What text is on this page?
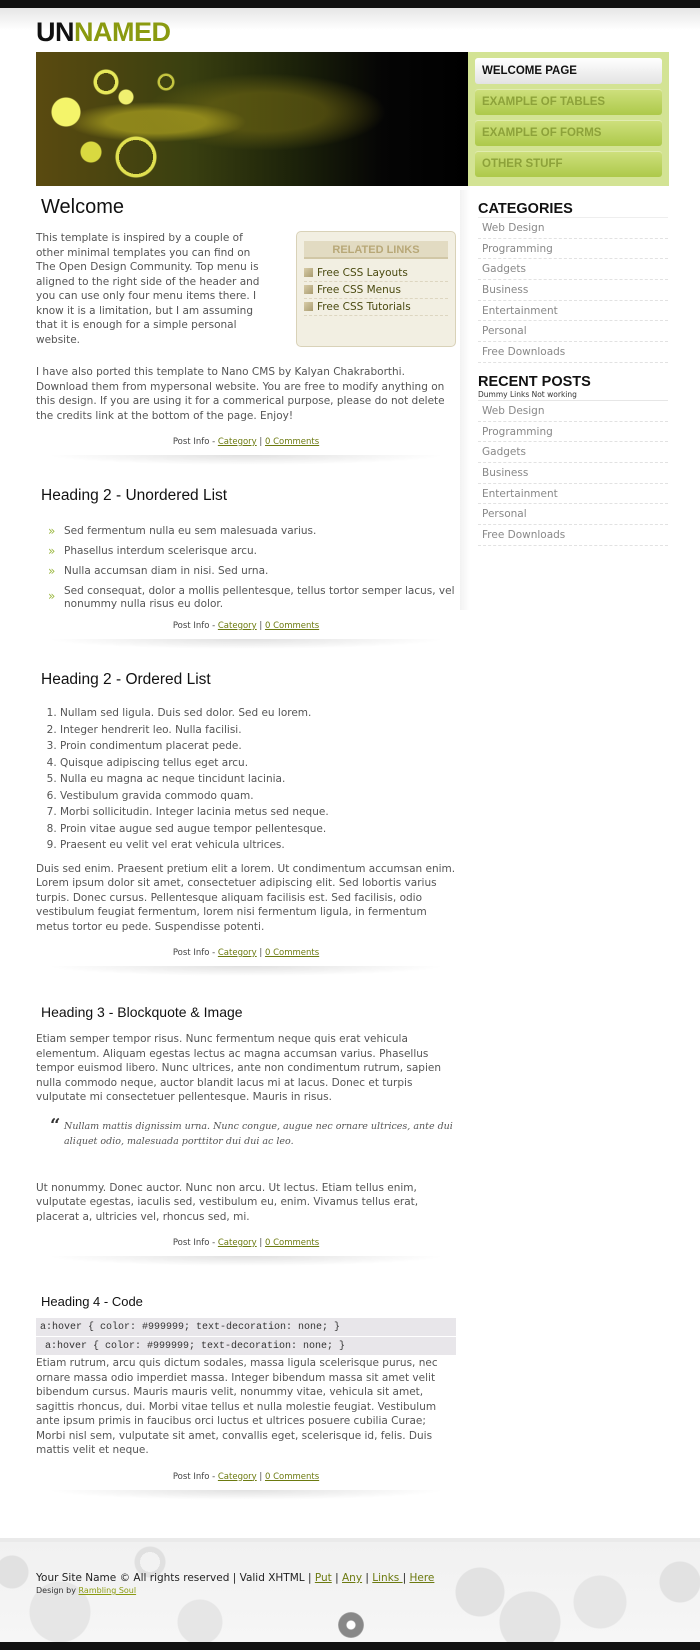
UNNAMED
WELCOME PAGE
EXAMPLE OF TABLES
EXAMPLE OF FORMS
OTHER STUFF
Welcome
RELATED LINKS
Free CSS Layouts
Free CSS Menus
Free CSS Tutorials

This template is inspired by a couple of other minimal templates you can find on The Open Design Community. Top menu is aligned to the right side of the header and you can use only four menu items there. I know it is a limitation, but I am assuming that it is enough for a simple personal website.

I have also ported this template to Nano CMS by Kalyan Chakraborthi. Download them from mypersonal website. You are free to modify anything on this design. If you are using it for a commerical purpose, please do not delete the credits link at the bottom of the page. Enjoy!

Post Info - Category | 0 Comments
Heading 2 - Unordered List
» Sed fermentum nulla eu sem malesuada varius.
» Phasellus interdum scelerisque arcu.
» Nulla accumsan diam in nisi. Sed urna.
» Sed consequat, dolor a mollis pellentesque, tellus tortor semper lacus, vel nonummy nulla risus eu dolor.
Post Info - Category | 0 Comments
Heading 2 - Ordered List
1. Nullam sed ligula. Duis sed dolor. Sed eu lorem.
2. Integer hendrerit leo. Nulla facilisi.
3. Proin condimentum placerat pede.
4. Quisque adipiscing tellus eget arcu.
5. Nulla eu magna ac neque tincidunt lacinia.
6. Vestibulum gravida commodo quam.
7. Morbi sollicitudin. Integer lacinia metus sed neque.
8. Proin vitae augue sed augue tempor pellentesque.
9. Praesent eu velit vel erat vehicula ultrices.

Duis sed enim. Praesent pretium elit a lorem. Ut condimentum accumsan enim. Lorem ipsum dolor sit amet, consectetuer adipiscing elit. Sed lobortis varius turpis. Donec cursus. Pellentesque aliquam facilisis est. Sed facilisis, odio vestibulum feugiat fermentum, lorem nisi fermentum ligula, in fermentum metus tortor eu pede. Suspendisse potenti.

Post Info - Category | 0 Comments
Heading 3 - Blockquote & Image

Etiam semper tempor risus. Nunc fermentum neque quis erat vehicula elementum. Aliquam egestas lectus ac magna accumsan varius. Phasellus tempor euismod libero. Nunc ultrices, ante non condimentum rutrum, sapien nulla commodo neque, auctor blandit lacus mi at lacus. Donec et turpis vulputate mi consectetuer pellentesque. Mauris in risus.

“ Nullam mattis dignissim urna. Nunc congue, augue nec ornare ultrices, ante dui aliquet odio, malesuada porttitor dui dui ac leo.

Ut nonummy. Donec auctor. Nunc non arcu. Ut lectus. Etiam tellus enim, vulputate egestas, iaculis sed, vestibulum eu, enim. Vivamus tellus erat, placerat a, ultricies vel, rhoncus sed, mi.

Post Info - Category | 0 Comments
Heading 4 - Code
a:hover { color: #999999; text-decoration: none; }
a:hover { color: #999999; text-decoration: none; }

Etiam rutrum, arcu quis dictum sodales, massa ligula scelerisque purus, nec ornare massa odio imperdiet massa. Integer bibendum massa sit amet velit bibendum cursus. Mauris mauris velit, nonummy vitae, vehicula sit amet, sagittis rhoncus, dui. Morbi vitae tellus et nulla molestie feugiat. Vestibulum ante ipsum primis in faucibus orci luctus et ultrices posuere cubilia Curae; Morbi nisl sem, vulputate sit amet, convallis eget, scelerisque id, felis. Duis mattis velit et neque.

Post Info - Category | 0 Comments
CATEGORIES
Web Design
Programming
Gadgets
Business
Entertainment
Personal
Free Downloads
RECENT POSTS
Dummy Links Not working
Web Design
Programming
Gadgets
Business
Entertainment
Personal
Free Downloads
Your Site Name © All rights reserved | Valid XHTML | Put | Any | Links | Here
Design by Rambling Soul
